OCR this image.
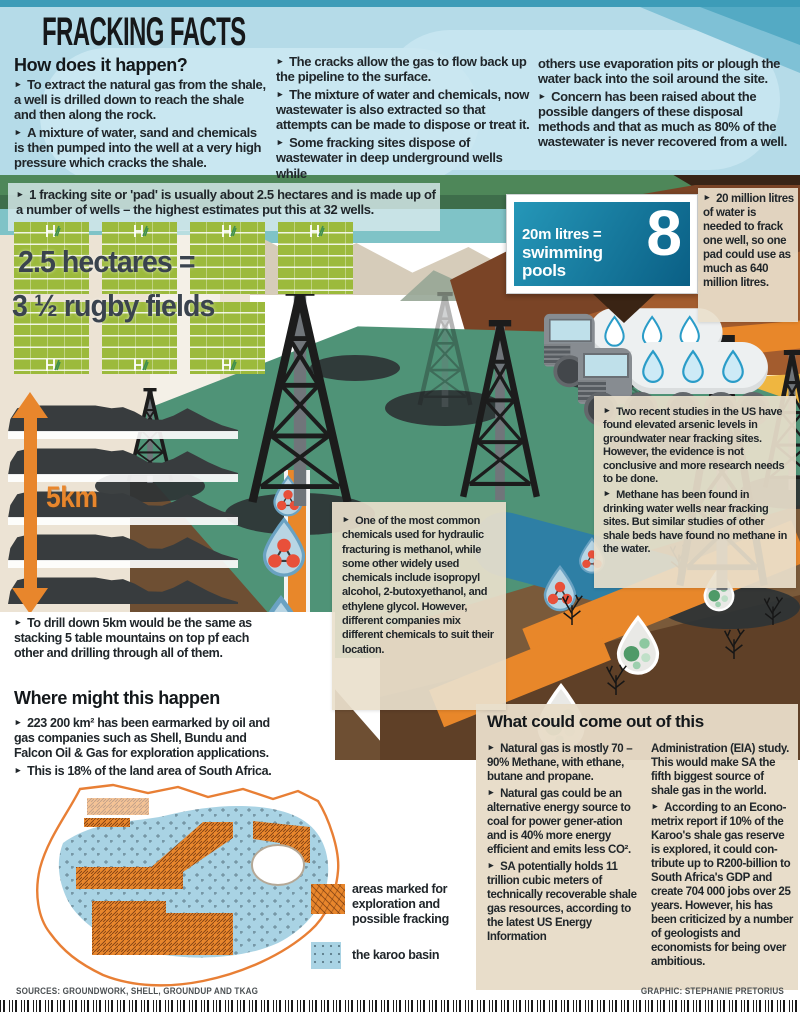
FRACKING FACTS
How does it happen?

► To extract the natural gas from the shale, a well is drilled down to reach the shale and then along the rock.

► A mixture of water, sand and chemicals is then pumped into the well at a very high pressure which cracks the shale.

► The cracks allow the gas to flow back up the pipeline to the surface.

► The mixture of water and chemicals, now wastewater is also extracted so that attempts can be made to dispose or treat it.

► Some fracking sites dispose of wastewater in deep underground wells while

others use evaporation pits or plough the water back into the soil around the site.

► Concern has been raised about the possible dangers of these disposal methods and that as much as 80% of the wastewater is never recovered from a well.

20m litres =
swimming pools
8
5km

► 1 fracking site or 'pad' is usually about 2.5 hectares and is made up of a number of wells – the highest estimates put this at 32 wells.

2.5 hectares =
3 ½ rugby fields

► 20 million litres of water is needed to frack one well, so one pad could use as much as 640 million litres.

► Two recent studies in the US have found elevated arsenic levels in groundwater near fracking sites. However, the evidence is not conclusive and more research needs to be done.

► Methane has been found in drinking water wells near fracking sites. But similar studies of other shale beds have found no methane in the water.

► One of the most common chemicals used for hydraulic fracturing is methanol, while some other widely used chemicals include isopropyl alcohol, 2-butoxyethanol, and ethylene glycol. However, different companies mix different chemicals to suit their location.

► To drill down 5km would be the same as stacking 5 table mountains on top pf each other and drilling through all of them.

Where might this happen

► 223 200 km² has been earmarked by oil and gas companies such as Shell, Bundu and Falcon Oil & Gas for exploration applications.

► This is 18% of the land area of South Africa.

areas marked for exploration and possible fracking

the karoo basin

What could come out of this

► Natural gas is mostly 70 – 90% Methane, with ethane, butane and propane.

► Natural gas could be an alternative energy source to coal for power gener-ation and is 40% more energy efficient and emits less CO².

► SA potentially holds 11 trillion cubic meters of technically recoverable shale gas resources, according to the latest US Energy Information

Administration (EIA) study. This would make SA the fifth biggest source of shale gas in the world.

► According to an Econo-metrix report if 10% of the Karoo's shale gas reserve is explored, it could con-tribute up to R200-billion to South Africa's GDP and create 704 000 jobs over 25 years. However, his has been criticized by a number of geologists and economists for being over ambitious.

SOURCES: GROUNDWORK, SHELL, GROUNDUP AND TKAG	GRAPHIC: STEPHANIE PRETORIUS
